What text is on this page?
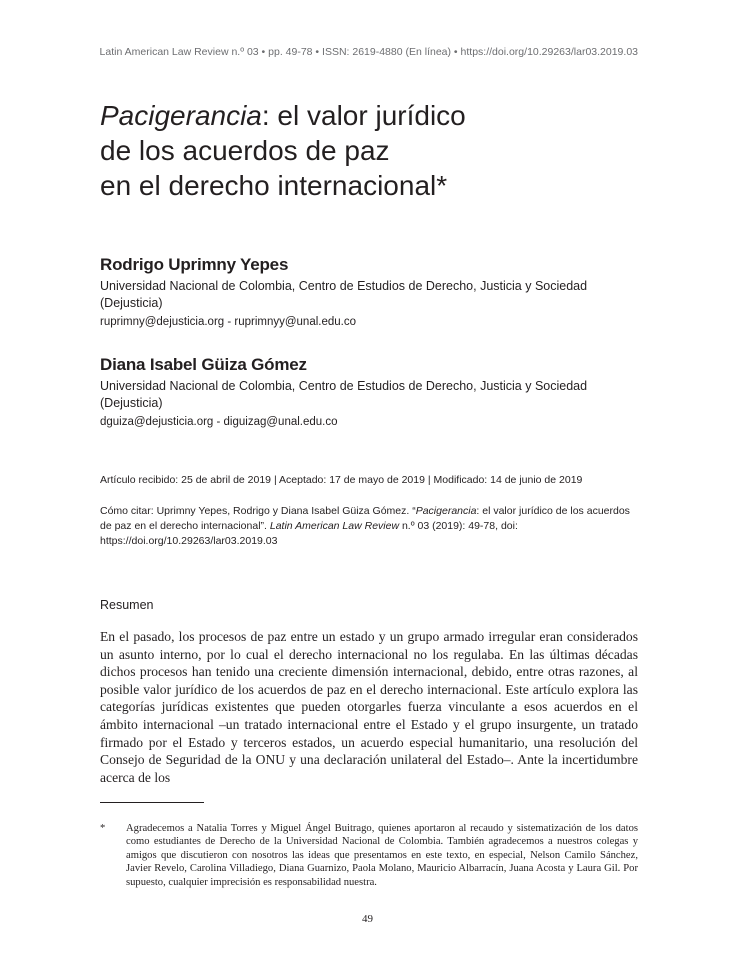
Latin American Law Review n.º 03 • pp. 49-78 • ISSN: 2619-4880 (En línea) • https://doi.org/10.29263/lar03.2019.03
Pacigerancia: el valor jurídico
de los acuerdos de paz
en el derecho internacional*
Rodrigo Uprimny Yepes
Universidad Nacional de Colombia, Centro de Estudios de Derecho, Justicia y Sociedad (Dejusticia)
ruprimny@dejusticia.org - ruprimnyy@unal.edu.co
Diana Isabel Güiza Gómez
Universidad Nacional de Colombia, Centro de Estudios de Derecho, Justicia y Sociedad (Dejusticia)
dguiza@dejusticia.org - diguizag@unal.edu.co
Artículo recibido: 25 de abril de 2019 | Aceptado: 17 de mayo de 2019 | Modificado: 14 de junio de 2019
Cómo citar: Uprimny Yepes, Rodrigo y Diana Isabel Güiza Gómez. “Pacigerancia: el valor jurídico de los acuerdos de paz en el derecho internacional”. Latin American Law Review n.º 03 (2019): 49-78, doi: https://doi.org/10.29263/lar03.2019.03
Resumen
En el pasado, los procesos de paz entre un estado y un grupo armado irregular eran considerados un asunto interno, por lo cual el derecho internacional no los regulaba. En las últimas décadas dichos procesos han tenido una creciente dimensión internacional, debido, entre otras razones, al posible valor jurídico de los acuerdos de paz en el derecho internacional. Este artículo explora las categorías jurídicas existentes que pueden otorgarles fuerza vinculante a esos acuerdos en el ámbito internacional –un tratado internacional entre el Estado y el grupo insurgente, un tratado firmado por el Estado y terceros estados, un acuerdo especial humanitario, una resolución del Consejo de Seguridad de la ONU y una declaración unilateral del Estado–. Ante la incertidumbre acerca de los
* Agradecemos a Natalia Torres y Miguel Ángel Buitrago, quienes aportaron al recaudo y sistematización de los datos como estudiantes de Derecho de la Universidad Nacional de Colombia. También agradecemos a nuestros colegas y amigos que discutieron con nosotros las ideas que presentamos en este texto, en especial, Nelson Camilo Sánchez, Javier Revelo, Carolina Villadiego, Diana Guarnizo, Paola Molano, Mauricio Albarracín, Juana Acosta y Laura Gil. Por supuesto, cualquier imprecisión es responsabilidad nuestra.
49
